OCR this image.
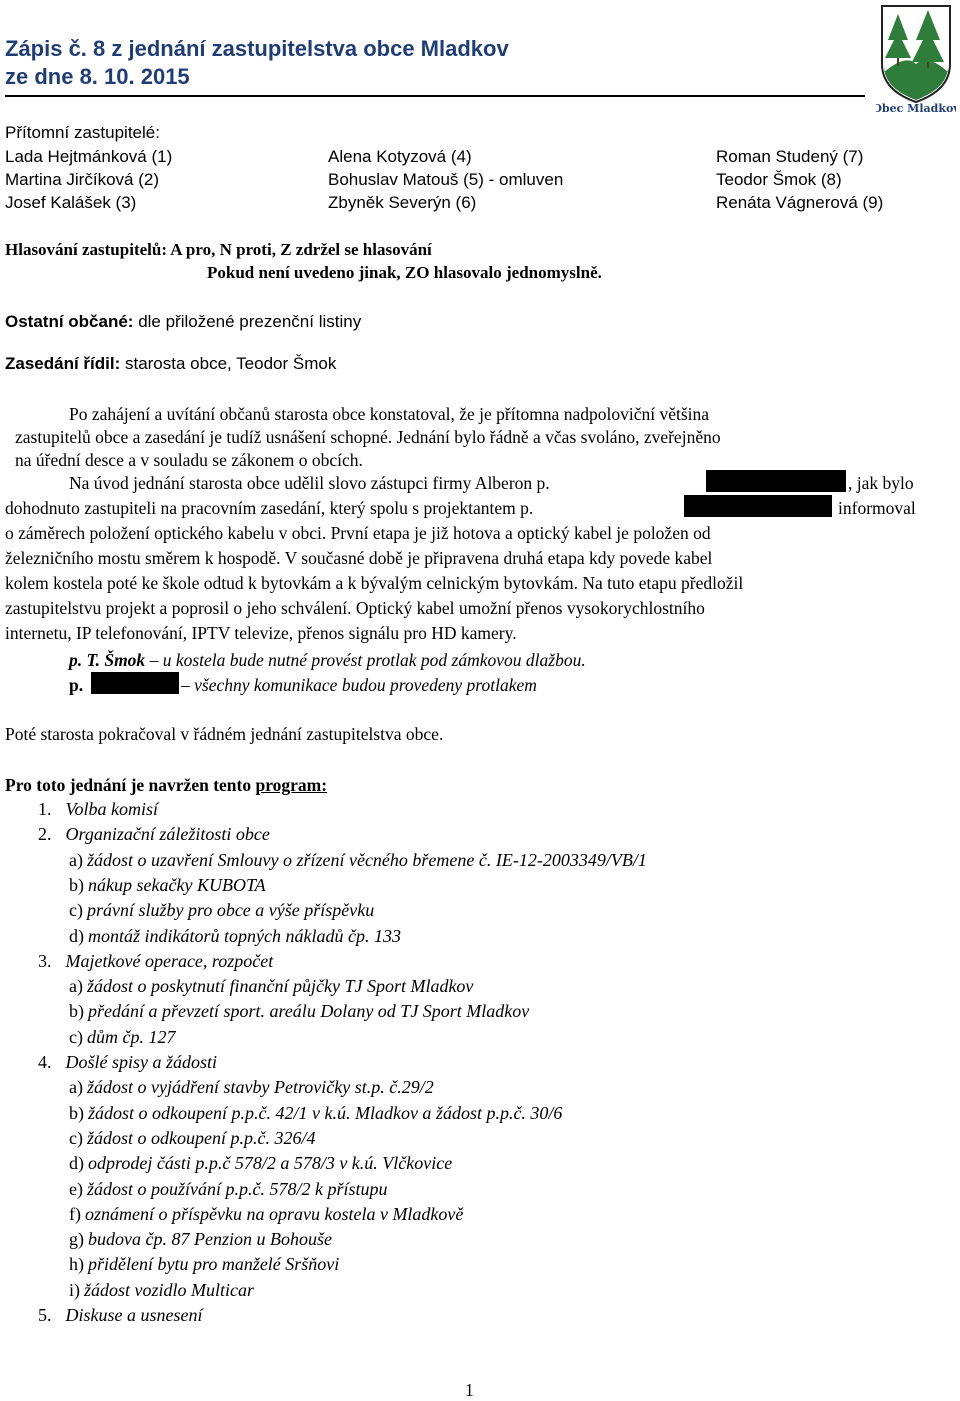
Zápis č. 8 z jednání zastupitelstva obce Mladkov
ze dne 8. 10. 2015
Obec Mladkov
Přítomní zastupitelé:
Lada Hejtmánková (1)	Alena Kotyzová (4)	Roman Studený (7)
Martina Jirčíková (2)	Bohuslav Matouš (5) - omluven	Teodor Šmok (8)
Josef Kalášek (3)	Zbyněk Severýn (6)	Renáta Vágnerová (9)
Hlasování zastupitelů: A pro, N proti, Z zdržel se hlasování
Pokud není uvedeno jinak, ZO hlasovalo jednomyslně.
Ostatní občané: dle přiložené prezenční listiny
Zasedání řídil: starosta obce, Teodor Šmok
Po zahájení a uvítání občanů starosta obce konstatoval, že je přítomna nadpoloviční většina
zastupitelů obce a zasedání je tudíž usnášení schopné. Jednání bylo řádně a včas svoláno, zveřejněno
na úřední desce a v souladu se zákonem o obcích.
Na úvod jednání starosta obce udělil slovo zástupci firmy Alberon p.	, jak bylo
dohodnuto zastupiteli na pracovním zasedání, který spolu s projektantem p.	informoval
o záměrech položení optického kabelu v obci. První etapa je již hotova a optický kabel je položen od
železničního mostu směrem k hospodě. V současné době je připravena druhá etapa kdy povede kabel
kolem kostela poté ke škole odtud k bytovkám a k bývalým celnickým bytovkám. Na tuto etapu předložil
zastupitelstvu projekt a poprosil o jeho schválení. Optický kabel umožní přenos vysokorychlostního
internetu, IP telefonování, IPTV televize, přenos signálu pro HD kamery.
p. T. Šmok – u kostela bude nutné provést protlak pod zámkovou dlažbou.
p.	– všechny komunikace budou provedeny protlakem
Poté starosta pokračoval v řádném jednání zastupitelstva obce.
Pro toto jednání je navržen tento program:
1. Volba komisí
2. Organizační záležitosti obce
a) žádost o uzavření Smlouvy o zřízení věcného břemene č. IE-12-2003349/VB/1
b) nákup sekačky KUBOTA
c) právní služby pro obce a výše příspěvku
d) montáž indikátorů topných nákladů čp. 133
3. Majetkové operace, rozpočet
a) žádost o poskytnutí finanční půjčky TJ Sport Mladkov
b) předání a převzetí sport. areálu Dolany od TJ Sport Mladkov
c) dům čp. 127
4. Došlé spisy a žádosti
a) žádost o vyjádření stavby Petrovičky st.p. č.29/2
b) žádost o odkoupení p.p.č. 42/1 v k.ú. Mladkov a žádost p.p.č. 30/6
c) žádost o odkoupení p.p.č. 326/4
d) odprodej části p.p.č 578/2 a 578/3 v k.ú. Vlčkovice
e) žádost o používání p.p.č. 578/2 k přístupu
f) oznámení o příspěvku na opravu kostela v Mladkově
g) budova čp. 87 Penzion u Bohouše
h) přidělení bytu pro manželé Sršňovi
i) žádost vozidlo Multicar
5. Diskuse a usnesení
1
